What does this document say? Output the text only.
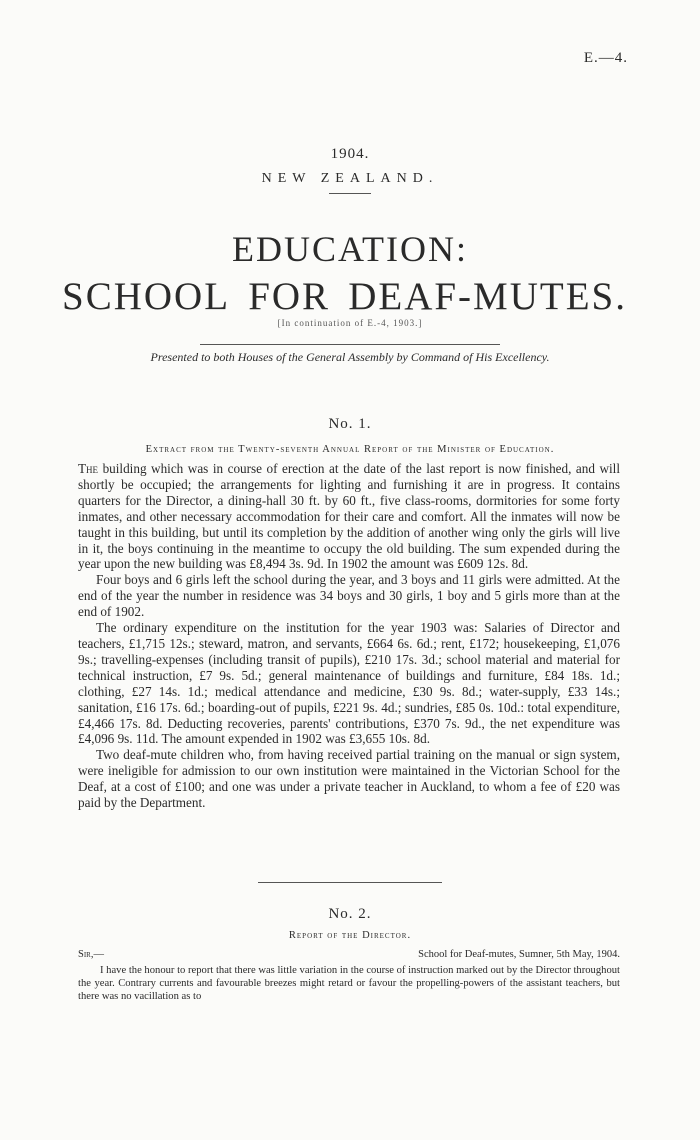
E.—4.
1904.
NEW ZEALAND.
EDUCATION:
SCHOOL FOR DEAF-MUTES.
[In continuation of E.-4, 1903.]
Presented to both Houses of the General Assembly by Command of His Excellency.
No. 1.
Extract from the Twenty-seventh Annual Report of the Minister of Education.

The building which was in course of erection at the date of the last report is now finished, and will shortly be occupied; the arrangements for lighting and furnishing it are in progress. It contains quarters for the Director, a dining-hall 30 ft. by 60 ft., five class-rooms, dormitories for some forty inmates, and other necessary accommodation for their care and comfort. All the inmates will now be taught in this building, but until its completion by the addition of another wing only the girls will live in it, the boys continuing in the meantime to occupy the old building. The sum expended during the year upon the new building was £8,494 3s. 9d. In 1902 the amount was £609 12s. 8d.

Four boys and 6 girls left the school during the year, and 3 boys and 11 girls were admitted. At the end of the year the number in residence was 34 boys and 30 girls, 1 boy and 5 girls more than at the end of 1902.

The ordinary expenditure on the institution for the year 1903 was: Salaries of Director and teachers, £1,715 12s.; steward, matron, and servants, £664 6s. 6d.; rent, £172; housekeeping, £1,076 9s.; travelling-expenses (including transit of pupils), £210 17s. 3d.; school material and material for technical instruction, £7 9s. 5d.; general maintenance of buildings and furniture, £84 18s. 1d.; clothing, £27 14s. 1d.; medical attendance and medicine, £30 9s. 8d.; water-supply, £33 14s.; sanitation, £16 17s. 6d.; boarding-out of pupils, £221 9s. 4d.; sundries, £85 0s. 10d.: total expenditure, £4,466 17s. 8d. Deducting recoveries, parents' contributions, £370 7s. 9d., the net expenditure was £4,096 9s. 11d. The amount expended in 1902 was £3,655 10s. 8d.

Two deaf-mute children who, from having received partial training on the manual or sign system, were ineligible for admission to our own institution were maintained in the Victorian School for the Deaf, at a cost of £100; and one was under a private teacher in Auckland, to whom a fee of £20 was paid by the Department.

No. 2.
Report of the Director.
Sir,—	School for Deaf-mutes, Sumner, 5th May, 1904.

I have the honour to report that there was little variation in the course of instruction marked out by the Director throughout the year. Contrary currents and favourable breezes might retard or favour the propelling-powers of the assistant teachers, but there was no vacillation as to
